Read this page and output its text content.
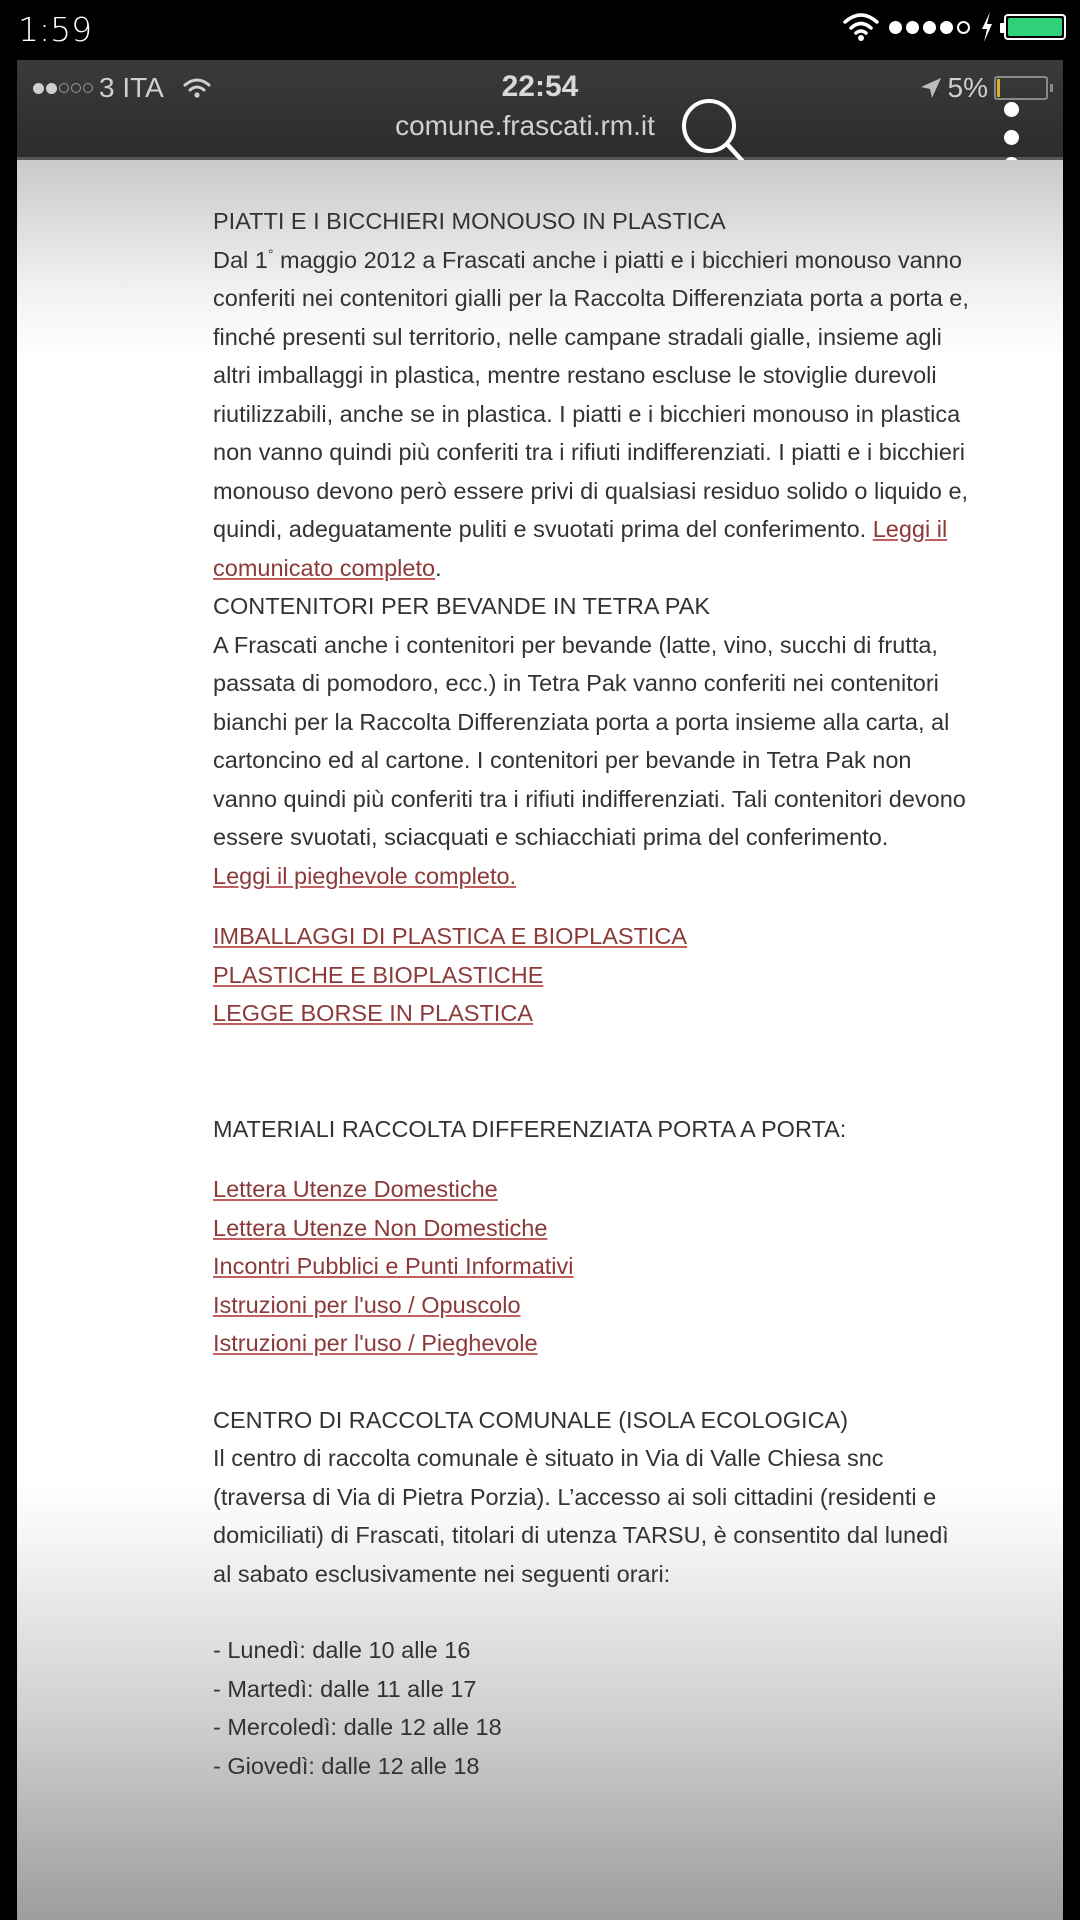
1:59
3 ITA	22:54
comune.frascati.rm.it
5%

PIATTI E I BICCHIERI MONOUSO IN PLASTICA

Dal 1° maggio 2012 a Frascati anche i piatti e i bicchieri monouso vanno conferiti nei contenitori gialli per la Raccolta Differenziata porta a porta e, finché presenti sul territorio, nelle campane stradali gialle, insieme agli altri imballaggi in plastica, mentre restano escluse le stoviglie durevoli riutilizzabili, anche se in plastica. I piatti e i bicchieri monouso in plastica non vanno quindi più conferiti tra i rifiuti indifferenziati. I piatti e i bicchieri monouso devono però essere privi di qualsiasi residuo solido o liquido e, quindi, adeguatamente puliti e svuotati prima del conferimento. Leggi il comunicato completo.

CONTENITORI PER BEVANDE IN TETRA PAK

A Frascati anche i contenitori per bevande (latte, vino, succhi di frutta, passata di pomodoro, ecc.) in Tetra Pak vanno conferiti nei contenitori bianchi per la Raccolta Differenziata porta a porta insieme alla carta, al cartoncino ed al cartone. I contenitori per bevande in Tetra Pak non vanno quindi più conferiti tra i rifiuti indifferenziati. Tali contenitori devono essere svuotati, sciacquati e schiacchiati prima del conferimento.

Leggi il pieghevole completo.

IMBALLAGGI DI PLASTICA E BIOPLASTICA

PLASTICHE E BIOPLASTICHE

LEGGE BORSE IN PLASTICA

MATERIALI RACCOLTA DIFFERENZIATA PORTA A PORTA:

Lettera Utenze Domestiche

Lettera Utenze Non Domestiche

Incontri Pubblici e Punti Informativi

Istruzioni per l'uso / Opuscolo

Istruzioni per l'uso / Pieghevole

CENTRO DI RACCOLTA COMUNALE (ISOLA ECOLOGICA)

Il centro di raccolta comunale è situato in Via di Valle Chiesa snc (traversa di Via di Pietra Porzia). L’accesso ai soli cittadini (residenti e domiciliati) di Frascati, titolari di utenza TARSU, è consentito dal lunedì al sabato esclusivamente nei seguenti orari:

- Lunedì: dalle 10 alle 16

- Martedì: dalle 11 alle 17

- Mercoledì: dalle 12 alle 18

- Giovedì: dalle 12 alle 18
